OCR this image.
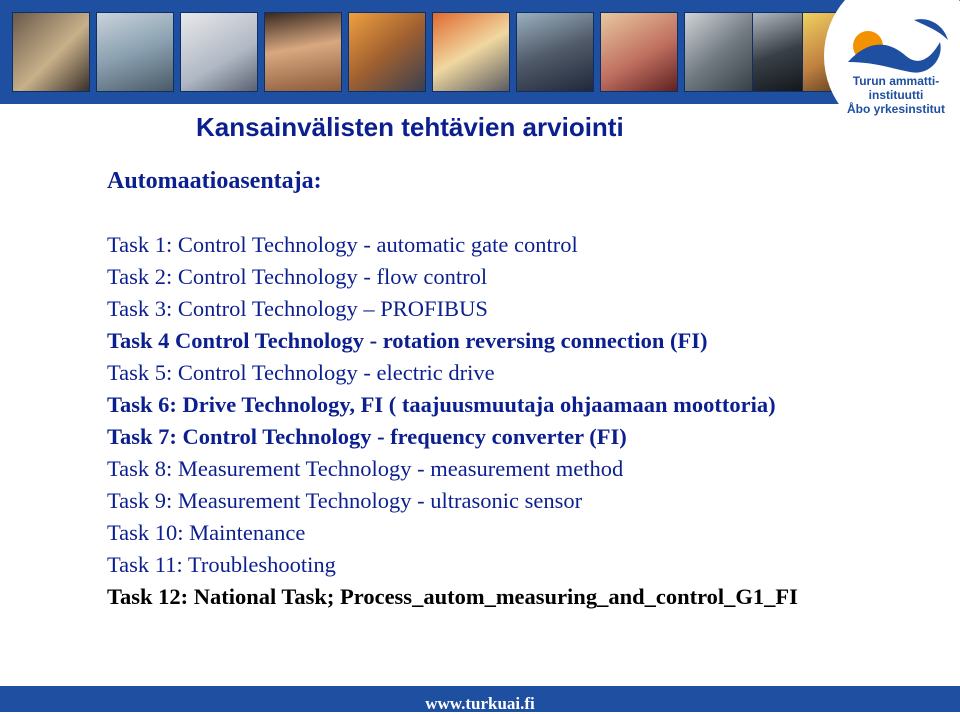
Turun ammatti-instituutti
Åbo yrkesinstitut
Kansainvälisten tehtävien arviointi
Automaatioasentaja:
Task 1: Control Technology - automatic gate control
Task 2: Control Technology - flow control
Task 3: Control Technology – PROFIBUS
Task 4 Control Technology - rotation reversing connection (FI)
Task 5: Control Technology - electric drive
Task 6: Drive Technology, FI ( taajuusmuutaja ohjaamaan moottoria)
Task 7: Control Technology - frequency converter (FI)
Task 8: Measurement Technology - measurement method
Task 9: Measurement Technology - ultrasonic sensor
Task 10: Maintenance
Task 11: Troubleshooting
Task 12: National Task; Process_autom_measuring_and_control_G1_FI
www.turkuai.fi
